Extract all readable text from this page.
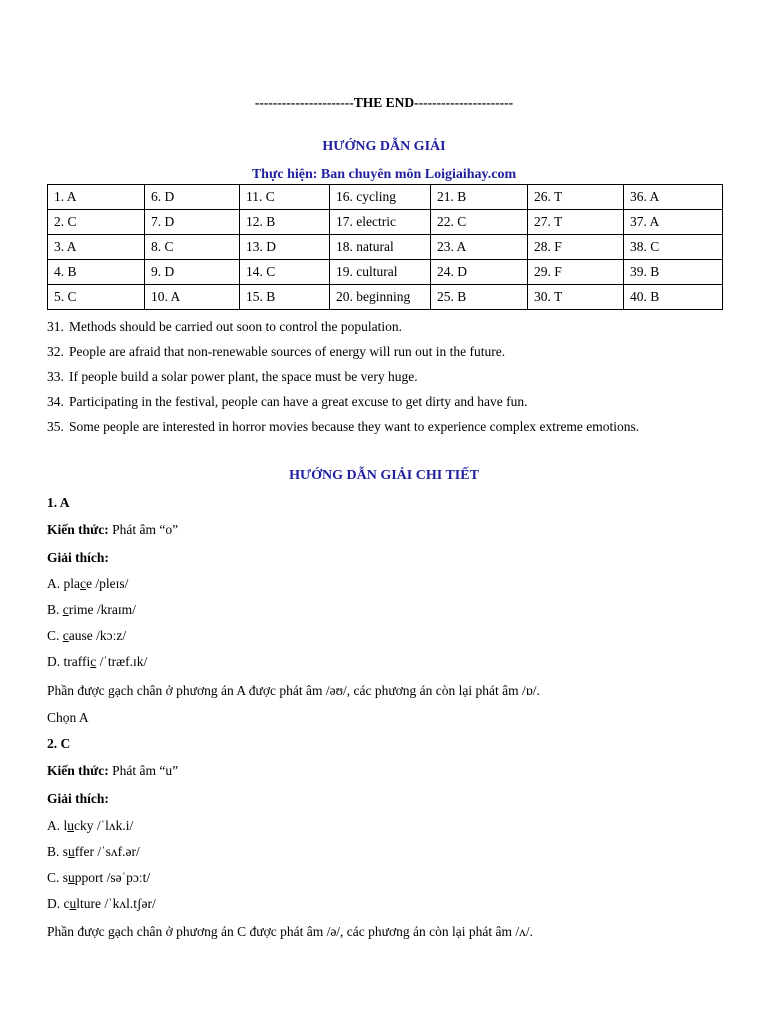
----------------------THE END----------------------
HƯỚNG DẪN GIẢI
Thực hiện: Ban chuyên môn Loigiaihay.com
1. A	6. D	11. C	16. cycling	21. B	26. T	36. A
2. C	7. D	12. B	17. electric	22. C	27. T	37. A
3. A	8. C	13. D	18. natural	23. A	28. F	38. C
4. B	9. D	14. C	19. cultural	24. D	29. F	39. B
5. C	10. A	15. B	20. beginning	25. B	30. T	40. B
31. Methods should be carried out soon to control the population.
32. People are afraid that non-renewable sources of energy will run out in the future.
33. If people build a solar power plant, the space must be very huge.
34. Participating in the festival, people can have a great excuse to get dirty and have fun.
35. Some people are interested in horror movies because they want to experience complex extreme emotions.
HƯỚNG DẪN GIẢI CHI TIẾT
1. A
Kiến thức: Phát âm “o”
Giải thích:
A. place /pleɪs/
B. crime /kraɪm/
C. cause /kɔːz/
D. traffic /ˈtræf.ɪk/
Phần được gạch chân ở phương án A được phát âm /əʊ/, các phương án còn lại phát âm /ɒ/.
Chọn A
2. C
Kiến thức: Phát âm “u”
Giải thích:
A. lucky /ˈlʌk.i/
B. suffer /ˈsʌf.ər/
C. support /səˈpɔːt/
D. culture /ˈkʌl.tʃər/
Phần được gạch chân ở phương án C được phát âm /ə/, các phương án còn lại phát âm /ʌ/.
